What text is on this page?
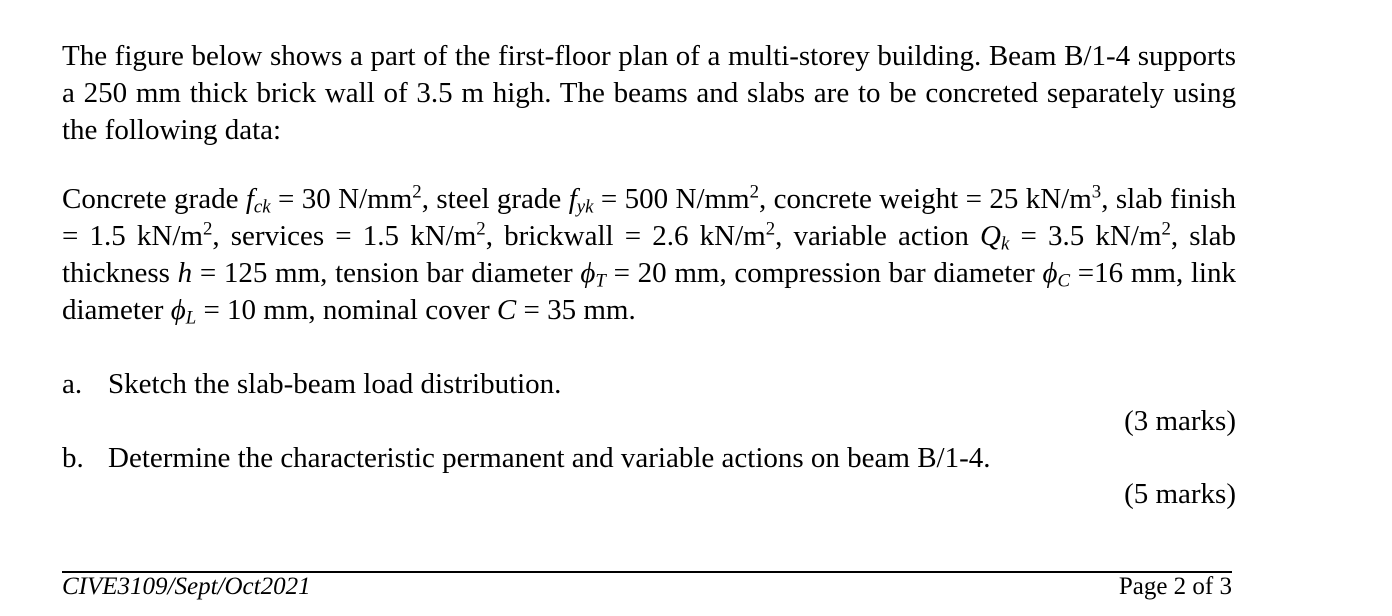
The figure below shows a part of the first-floor plan of a multi-storey building. Beam B/1-4 supports a 250 mm thick brick wall of 3.5 m high. The beams and slabs are to be concreted separately using the following data:

Concrete grade $f_{ck} = 30$ $N/mm^2$, steel grade $f_{yk} = 500$ $N/mm^2$, concrete weight = 25 $kN/m^3$, slab finish = 1.5 $kN/m^2$, services = 1.5 $kN/m^2$, brickwall = 2.6 $kN/m^2$, variable action $Q_k = 3.5$ $kN/m^2$, slab thickness h = 125 mm, tension bar diameter $\phi_T = 20$ mm, compression bar diameter $\phi_C =16$ mm, link diameter $\phi_L = 10$ mm, nominal cover C = 35 mm.

a. Sketch the slab-beam load distribution.
(3 marks)
b. Determine the characteristic permanent and variable actions on beam B/1-4.
(5 marks)
CIVE3109/Sept/Oct2021	Page 2 of 3
